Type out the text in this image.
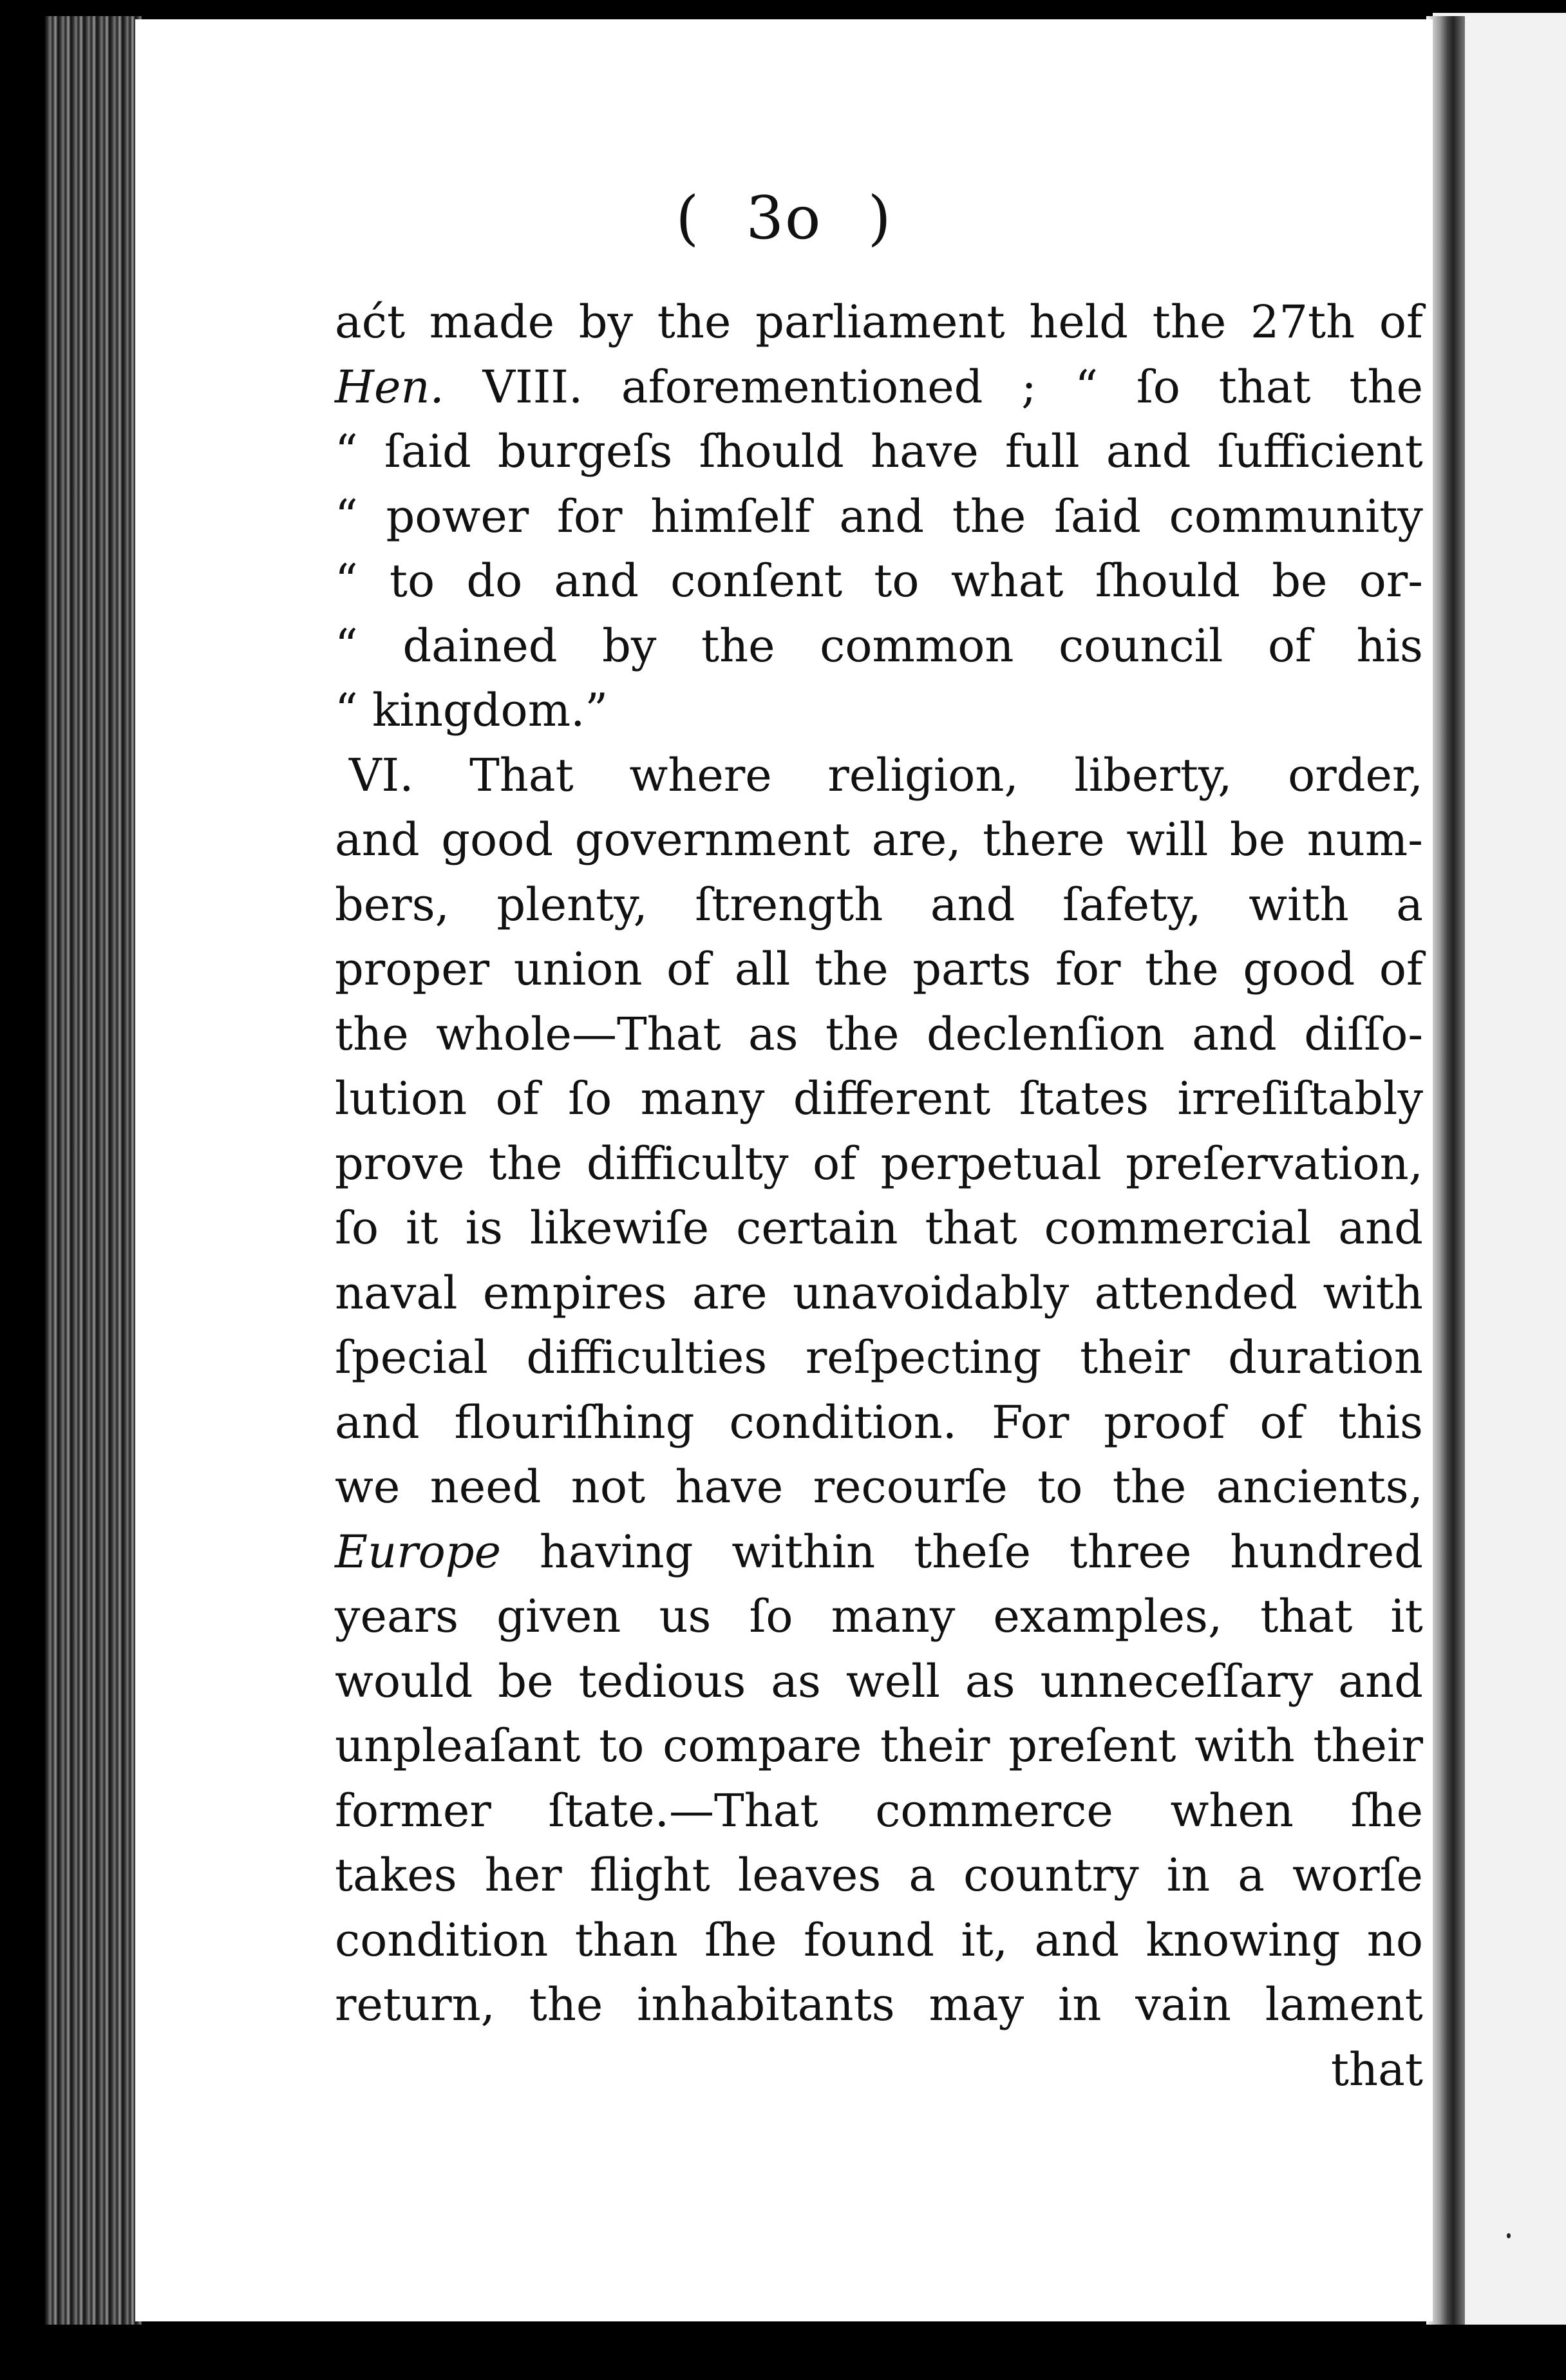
( 3o )
aćt made by the parliament held the 27th of
Hen. VIII. aforementioned ; “ ſo that the
“ ſaid burgeſs ſhould have full and ſufficient
“ power for himſelf and the ſaid community
“ to do and conſent to what ſhould be or-
“ dained by the common council of his
“ kingdom.”
VI. That where religion, liberty, order,
and good government are, there will be num-
bers, plenty, ſtrength and ſafety, with a
proper union of all the parts for the good of
the whole—That as the declenſion and diſſo-
lution of ſo many different ſtates irreſiſtably
prove the difficulty of perpetual preſervation,
ſo it is likewiſe certain that commercial and
naval empires are unavoidably attended with
ſpecial difficulties reſpecting their duration
and flouriſhing condition. For proof of this
we need not have recourſe to the ancients,
Europe having within theſe three hundred
years given us ſo many examples, that it
would be tedious as well as unneceſſary and
unpleaſant to compare their preſent with their
former ſtate.—That commerce when ſhe
takes her flight leaves a country in a worſe
condition than ſhe found it, and knowing no
return, the inhabitants may in vain lament
that
